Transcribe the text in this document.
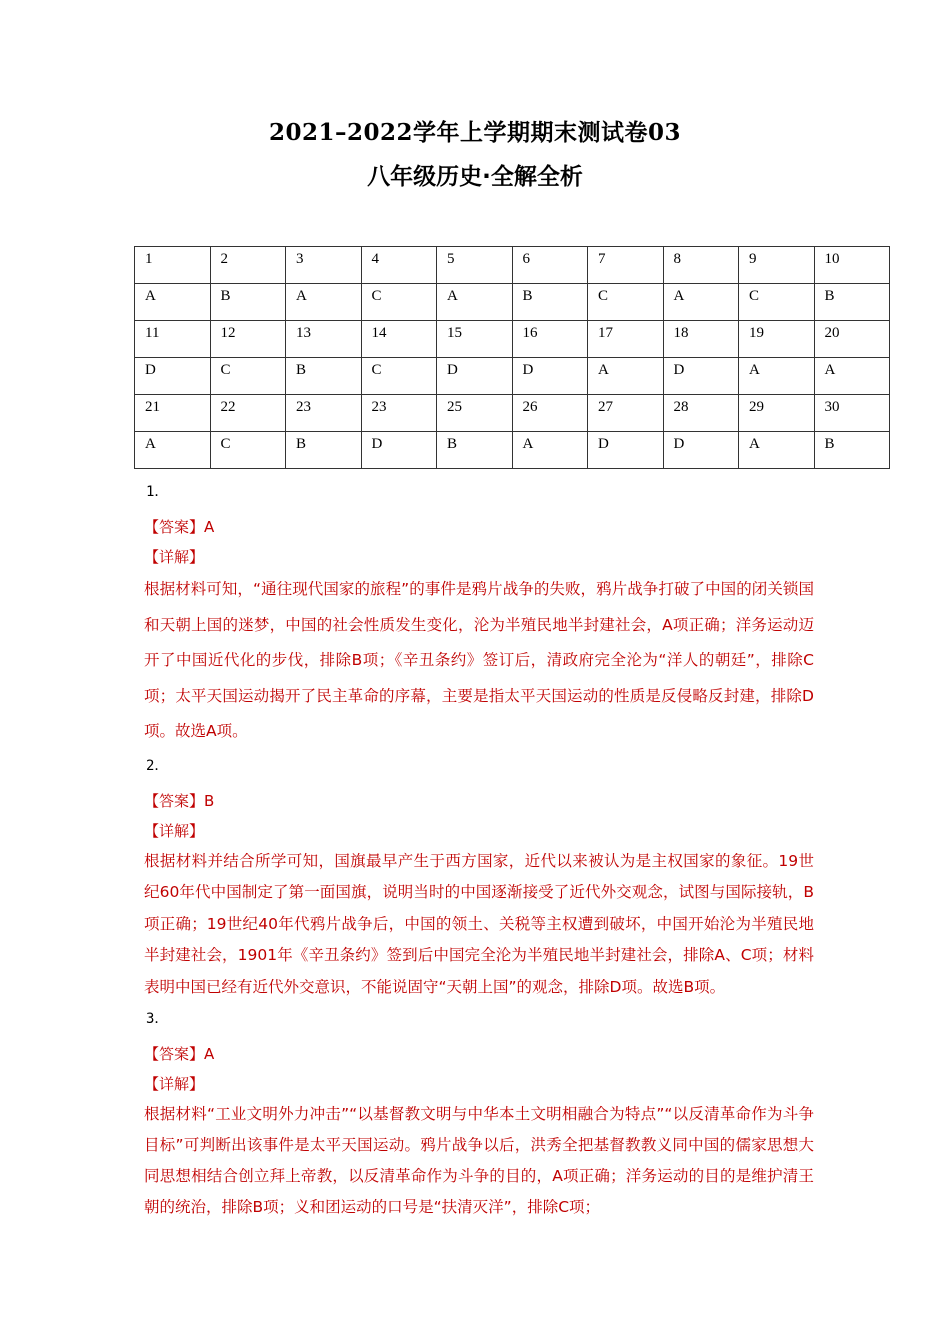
2021–2022学年上学期期末测试卷03
八年级历史·全解全析
1	2	3	4	5	6	7	8	9	10
A	B	A	C	A	B	C	A	C	B
11	12	13	14	15	16	17	18	19	20
D	C	B	C	D	D	A	D	A	A
21	22	23	23	25	26	27	28	29	30
A	C	B	D	B	A	D	D	A	B
1．
【答案】A
【详解】
根据材料可知，“通往现代国家的旅程”的事件是鸦片战争的失败，鸦片战争打破了中国的闭关锁国和天朝上国的迷梦，中国的社会性质发生变化，沦为半殖民地半封建社会，A项正确；洋务运动迈开了中国近代化的步伐，排除B项；《辛丑条约》签订后，清政府完全沦为“洋人的朝廷”，排除C项；太平天国运动揭开了民主革命的序幕，主要是指太平天国运动的性质是反侵略反封建，排除D项。故选A项。
2．
【答案】B
【详解】
根据材料并结合所学可知，国旗最早产生于西方国家，近代以来被认为是主权国家的象征。19世纪60年代中国制定了第一面国旗，说明当时的中国逐渐接受了近代外交观念，试图与国际接轨，B项正确；19世纪40年代鸦片战争后，中国的领土、关税等主权遭到破坏，中国开始沦为半殖民地半封建社会，1901年《辛丑条约》签到后中国完全沦为半殖民地半封建社会，排除A、C项；材料表明中国已经有近代外交意识，不能说固守“天朝上国”的观念，排除D项。故选B项。
3．
【答案】A
【详解】
根据材料“工业文明外力冲击”“以基督教文明与中华本土文明相融合为特点”“以反清革命作为斗争目标”可判断出该事件是太平天国运动。鸦片战争以后，洪秀全把基督教教义同中国的儒家思想大同思想相结合创立拜上帝教，以反清革命作为斗争的目的，A项正确；洋务运动的目的是维护清王朝的统治，排除B项；义和团运动的口号是“扶清灭洋”，排除C项；
